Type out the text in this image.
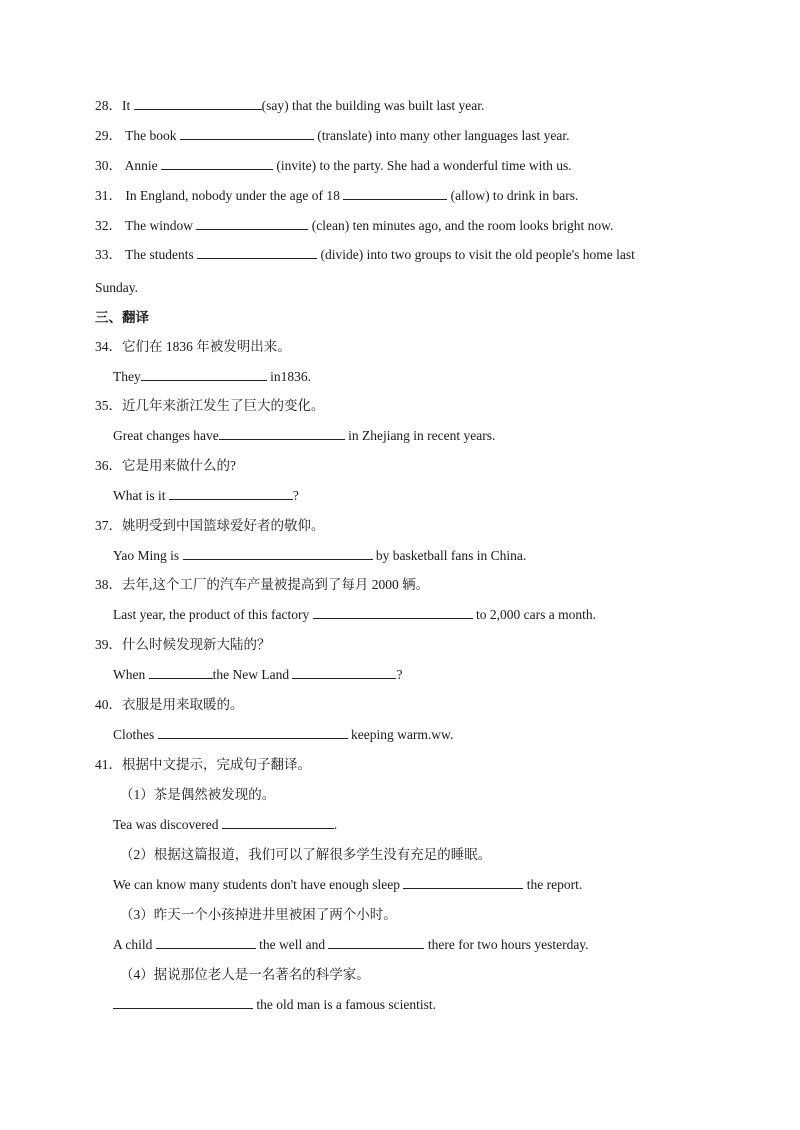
28．It	(say) that the building was built last year.
29． The book	(translate) into many other languages last year.
30． Annie	(invite) to the party. She had a wonderful time with us.
31． In England, nobody under the age of 18	(allow) to drink in bars.
32． The window	(clean) ten minutes ago, and the room looks bright now.
33． The students	(divide) into two groups to visit the old people's home last
Sunday.
三、翻译
34．它们在 1836 年被发明出来。
They	in1836.
35．近几年来浙江发生了巨大的变化。
Great changes have	in Zhejiang in recent years.
36．它是用来做什么的?
What is it	?
37．姚明受到中国篮球爱好者的敬仰。
Yao Ming is	by basketball fans in China.
38．去年,这个工厂的汽车产量被提高到了每月 2000 辆。
Last year, the product of this factory	to 2,000 cars a month.
39．什么时候发现新大陆的？
When	the New Land	?
40．衣服是用来取暖的。
Clothes	keeping warm.ww.
41．根据中文提示，完成句子翻译。
（1）茶是偶然被发现的。
Tea was discovered	.
（2）根据这篇报道，我们可以了解很多学生没有充足的睡眠。
We can know many students don't have enough sleep	the report.
（3）昨天一个小孩掉进井里被困了两个小时。
A child	the well and	there for two hours yesterday.
（4）据说那位老人是一名著名的科学家。
the old man is a famous scientist.
